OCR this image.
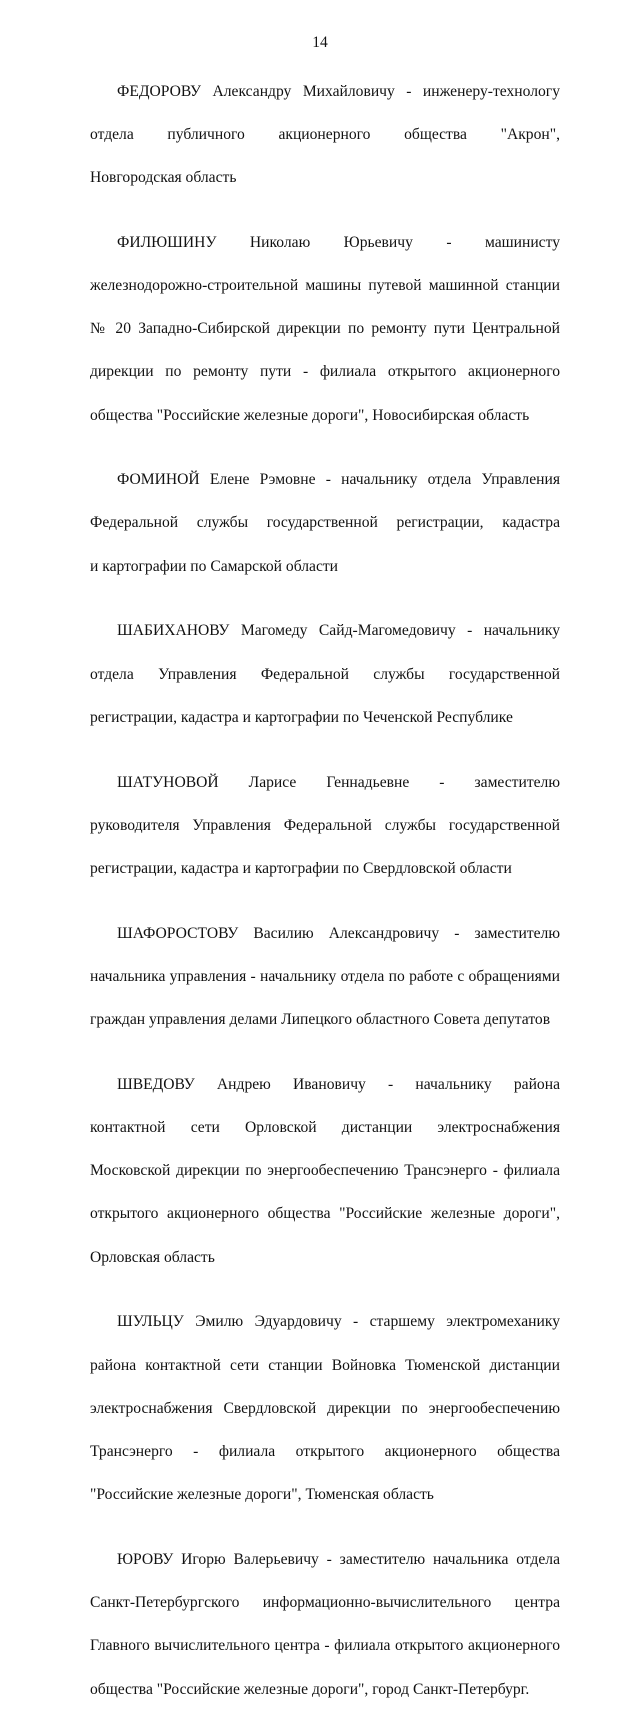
14

ФЕДОРОВУ Александру Михайловичу - инженеру-технологу

отдела публичного акционерного общества "Акрон",

Новгородская область

ФИЛЮШИНУ Николаю Юрьевичу - машинисту

железнодорожно-строительной машины путевой машинной станции

№ 20 Западно-Сибирской дирекции по ремонту пути Центральной

дирекции по ремонту пути - филиала открытого акционерного

общества "Российские железные дороги", Новосибирская область

ФОМИНОЙ Елене Рэмовне - начальнику отдела Управления

Федеральной службы государственной регистрации, кадастра

и картографии по Самарской области

ШАБИХАНОВУ Магомеду Сайд-Магомедовичу - начальнику

отдела Управления Федеральной службы государственной

регистрации, кадастра и картографии по Чеченской Республике

ШАТУНОВОЙ Ларисе Геннадьевне - заместителю

руководителя Управления Федеральной службы государственной

регистрации, кадастра и картографии по Свердловской области

ШАФОРОСТОВУ Василию Александровичу - заместителю

начальника управления - начальнику отдела по работе с обращениями

граждан управления делами Липецкого областного Совета депутатов

ШВЕДОВУ Андрею Ивановичу - начальнику района

контактной сети Орловской дистанции электроснабжения

Московской дирекции по энергообеспечению Трансэнерго - филиала

открытого акционерного общества "Российские железные дороги",

Орловская область

ШУЛЬЦУ Эмилю Эдуардовичу - старшему электромеханику

района контактной сети станции Войновка Тюменской дистанции

электроснабжения Свердловской дирекции по энергообеспечению

Трансэнерго - филиала открытого акционерного общества

"Российские железные дороги", Тюменская область

ЮРОВУ Игорю Валерьевичу - заместителю начальника отдела

Санкт-Петербургского информационно-вычислительного центра

Главного вычислительного центра - филиала открытого акционерного

общества "Российские железные дороги", город Санкт-Петербург.
